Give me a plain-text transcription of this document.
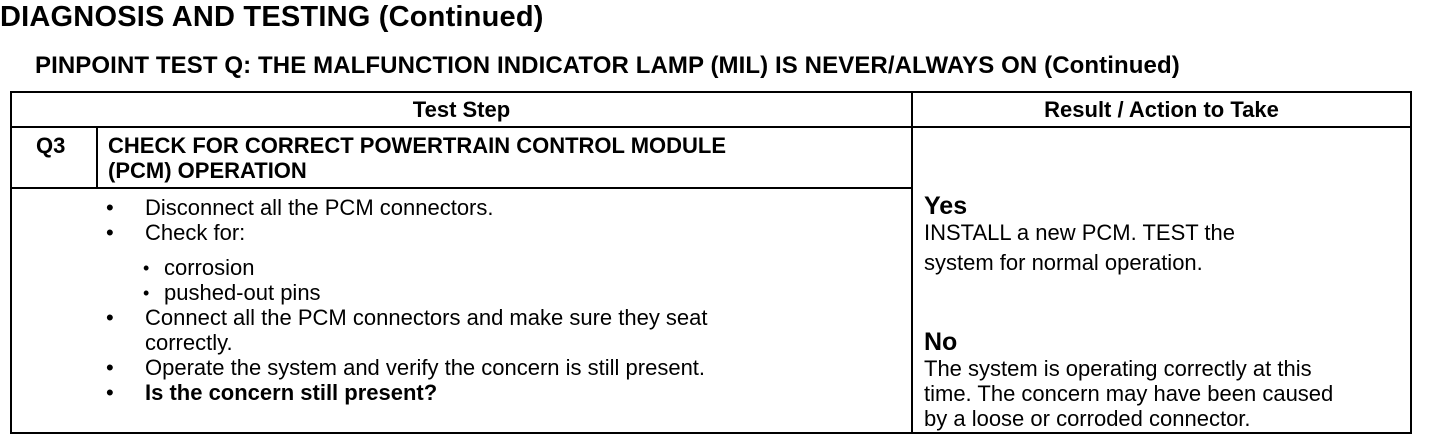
DIAGNOSIS AND TESTING (Continued)
PINPOINT TEST Q: THE MALFUNCTION INDICATOR LAMP (MIL) IS NEVER/ALWAYS ON (Continued)
Test Step	Result / Action to Take
Q3 CHECK FOR CORRECT POWERTRAIN CONTROL MODULE
(PCM) OPERATION
• Disconnect all the PCM connectors.
• Check for:
• corrosion
• pushed-out pins
• Connect all the PCM connectors and make sure they seat
correctly.
• Operate the system and verify the concern is still present.
• Is the concern still present?
Yes
INSTALL a new PCM. TEST the
system for normal operation.
No
The system is operating correctly at this
time. The concern may have been caused
by a loose or corroded connector.
